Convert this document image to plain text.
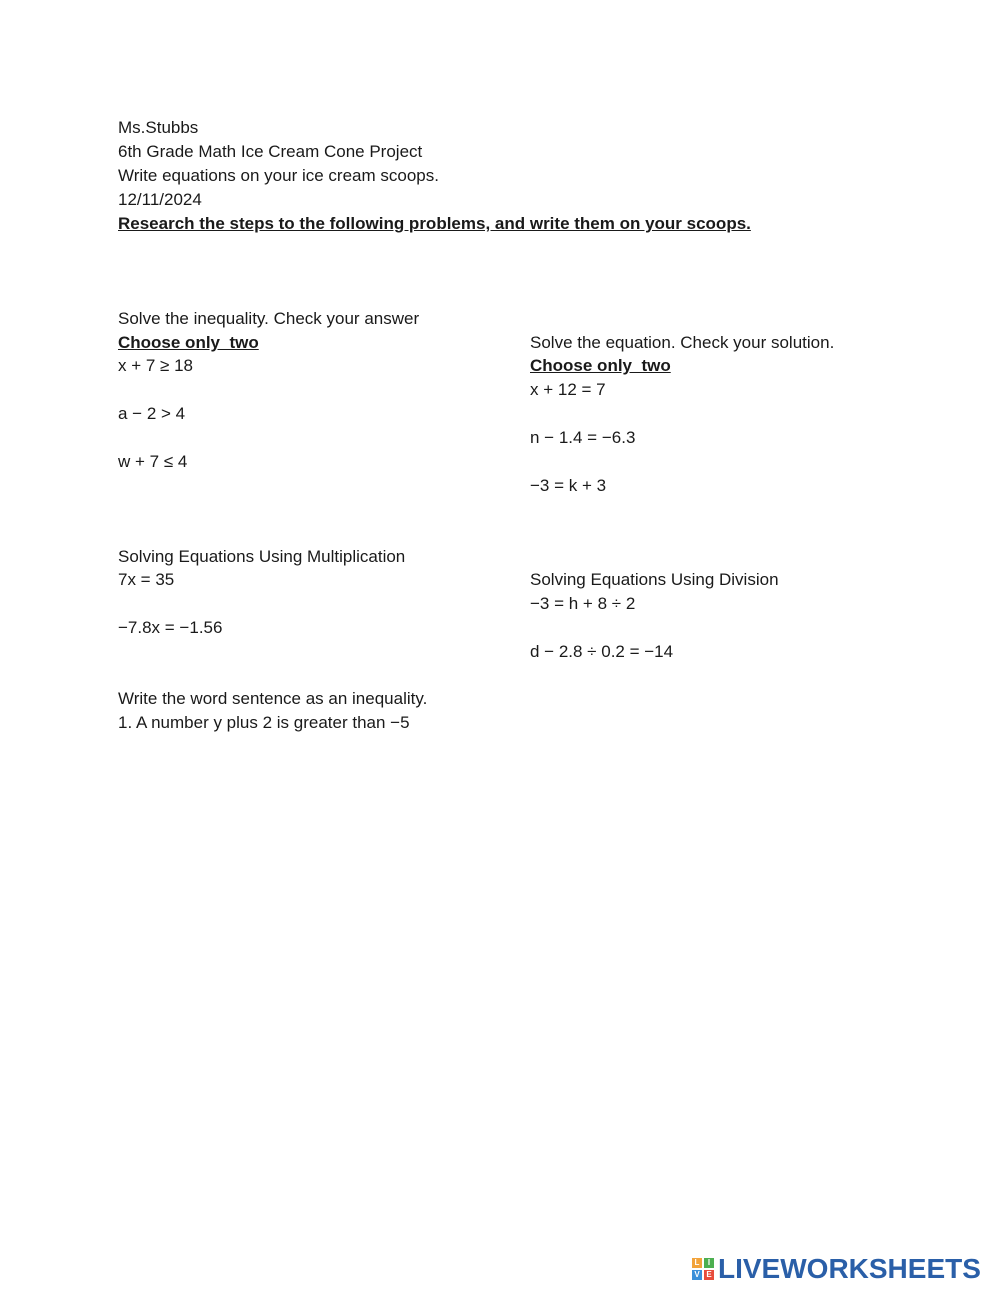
Ms.Stubbs
6th Grade Math Ice Cream Cone Project
Write equations on your ice cream scoops.
12/11/2024
Research the steps to the following problems, and write them on your scoops.
Solve the inequality. Check your answer
Choose only  two
x + 7 ≥ 18
a − 2 > 4
w + 7 ≤ 4
Solve the equation. Check your solution.
Choose only  two
x + 12 = 7
n − 1.4 = −6.3
−3 = k + 3
Solving Equations Using Multiplication
7x = 35
−7.8x = −1.56
Solving Equations Using Division
−3 = h + 8 ÷ 2
d − 2.8 ÷ 0.2 = −14
Write the word sentence as an inequality.
1. A number y plus 2 is greater than −5
L	I
V E LIVEWORKSHEETS
